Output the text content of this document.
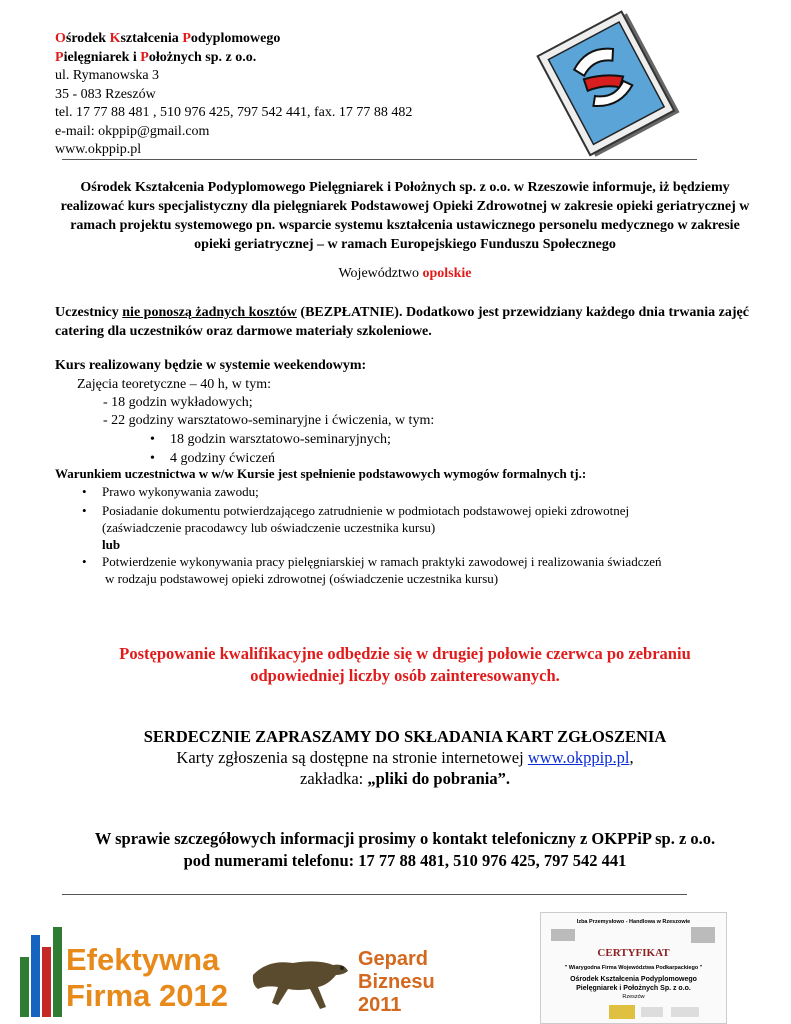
Ośrodek Kształcenia Podyplomowego
Pielęgniarek i Położnych sp. z o.o.
ul. Rymanowska 3
35 - 083 Rzeszów
tel. 17 77 88 481 , 510 976 425, 797 542 441, fax. 17 77 88 482
e-mail: okppip@gmail.com
www.okppip.pl
Ośrodek Kształcenia Podyplomowego Pielęgniarek i Położnych sp. z o.o. w Rzeszowie informuje, iż będziemy realizować kurs specjalistyczny dla pielęgniarek Podstawowej Opieki Zdrowotnej w zakresie opieki geriatrycznej w ramach projektu systemowego pn. wsparcie systemu kształcenia ustawicznego personelu medycznego w zakresie opieki geriatrycznej – w ramach Europejskiego Funduszu Społecznego
Województwo opolskie
Uczestnicy nie ponoszą żadnych kosztów (BEZPŁATNIE). Dodatkowo jest przewidziany każdego dnia trwania zajęć catering dla uczestników oraz darmowe materiały szkoleniowe.
Kurs realizowany będzie w systemie weekendowym:
Zajęcia teoretyczne – 40 h, w tym:
- 18 godzin wykładowych;
- 22 godziny warsztatowo-seminaryjne i ćwiczenia, w tym:
• 18 godzin warsztatowo-seminaryjnych;
• 4 godziny ćwiczeń
Warunkiem uczestnictwa w w/w Kursie jest spełnienie podstawowych wymogów formalnych tj.:
• Prawo wykonywania zawodu;
• Posiadanie dokumentu potwierdzającego zatrudnienie w podmiotach podstawowej opieki zdrowotnej
(zaświadczenie pracodawcy lub oświadczenie uczestnika kursu)
lub
• Potwierdzenie wykonywania pracy pielęgniarskiej w ramach praktyki zawodowej i realizowania świadczeń
w rodzaju podstawowej opieki zdrowotnej (oświadczenie uczestnika kursu)
Postępowanie kwalifikacyjne odbędzie się w drugiej połowie czerwca po zebraniu
odpowiedniej liczby osób zainteresowanych.
SERDECZNIE ZAPRASZAMY DO SKŁADANIA KART ZGŁOSZENIA
Karty zgłoszenia są dostępne na stronie internetowej www.okppip.pl,
zakładka: „pliki do pobrania”.
W sprawie szczegółowych informacji prosimy o kontakt telefoniczny z OKPPiP sp. z o.o.
pod numerami telefonu: 17 77 88 481, 510 976 425, 797 542 441
Efektywna
Firma 2012
Gepard
Biznesu
2011
Izba Przemysłowo - Handlowa w Rzeszowie
CERTYFIKAT
" Wiarygodna Firma Województwa Podkarpackiego "
Ośrodek Kształcenia Podyplomowego
Pielęgniarek i Położnych Sp. z o.o.
Rzeszów
